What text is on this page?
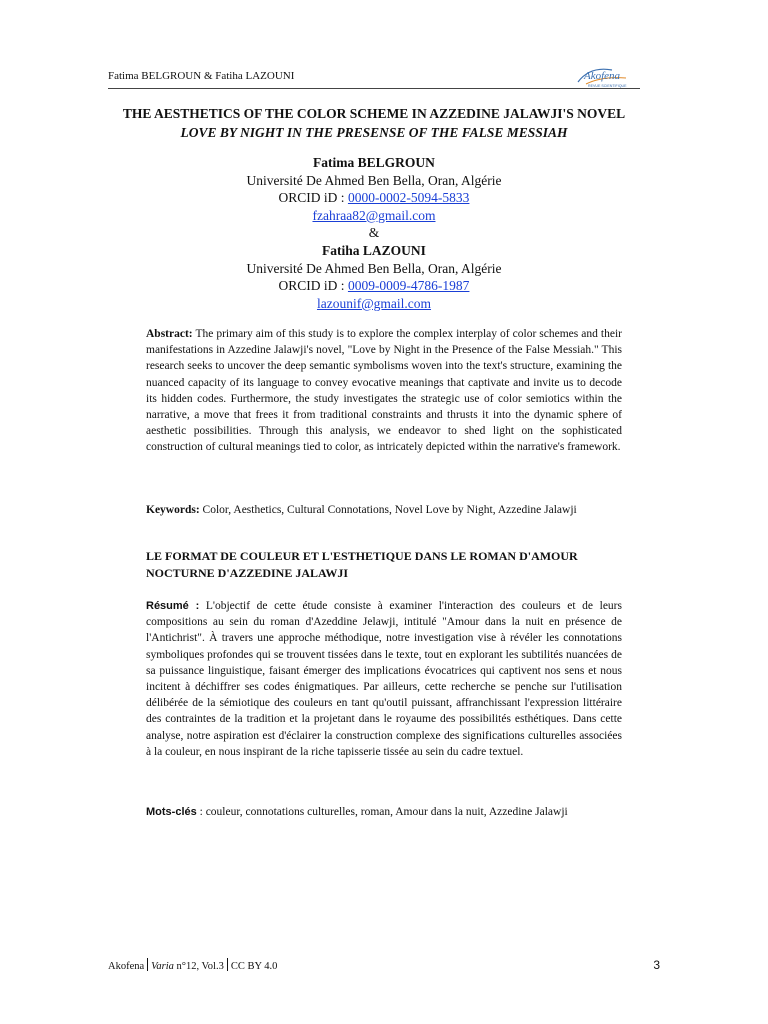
Fatima BELGROUN & Fatiha LAZOUNI	Akofena
REVUE SCIENTIFIQUE
THE AESTHETICS OF THE COLOR SCHEME IN AZZEDINE JALAWJI'S NOVEL
LOVE BY NIGHT IN THE PRESENSE OF THE FALSE MESSIAH
Fatima BELGROUN
Université De Ahmed Ben Bella, Oran, Algérie
ORCID iD : 0000-0002-5094-5833
fzahraa82@gmail.com
&
Fatiha LAZOUNI
Université De Ahmed Ben Bella, Oran, Algérie
ORCID iD : 0009-0009-4786-1987
lazounif@gmail.com
Abstract: The primary aim of this study is to explore the complex interplay of color schemes and their manifestations in Azzedine Jalawji's novel, "Love by Night in the Presence of the False Messiah." This research seeks to uncover the deep semantic symbolisms woven into the text's structure, examining the nuanced capacity of its language to convey evocative meanings that captivate and invite us to decode its hidden codes. Furthermore, the study investigates the strategic use of color semiotics within the narrative, a move that frees it from traditional constraints and thrusts it into the dynamic sphere of aesthetic possibilities. Through this analysis, we endeavor to shed light on the sophisticated construction of cultural meanings tied to color, as intricately depicted within the narrative's framework.
Keywords: Color, Aesthetics, Cultural Connotations, Novel Love by Night, Azzedine Jalawji
LE FORMAT DE COULEUR ET L'ESTHETIQUE DANS LE ROMAN D'AMOUR NOCTURNE D'AZZEDINE JALAWJI
Résumé : L'objectif de cette étude consiste à examiner l'interaction des couleurs et de leurs compositions au sein du roman d'Azeddine Jelawji, intitulé "Amour dans la nuit en présence de l'Antichrist". À travers une approche méthodique, notre investigation vise à révéler les connotations symboliques profondes qui se trouvent tissées dans le texte, tout en explorant les subtilités nuancées de sa puissance linguistique, faisant émerger des implications évocatrices qui captivent nos sens et nous incitent à déchiffrer ses codes énigmatiques. Par ailleurs, cette recherche se penche sur l'utilisation délibérée de la sémiotique des couleurs en tant qu'outil puissant, affranchissant l'expression littéraire des contraintes de la tradition et la projetant dans le royaume des possibilités esthétiques. Dans cette analyse, notre aspiration est d'éclairer la construction complexe des significations culturelles associées à la couleur, en nous inspirant de la riche tapisserie tissée au sein du cadre textuel.
Mots-clés : couleur, connotations culturelles, roman, Amour dans la nuit, Azzedine Jalawji
Akofena Varia n°12, Vol.3 CC BY 4.0	3
